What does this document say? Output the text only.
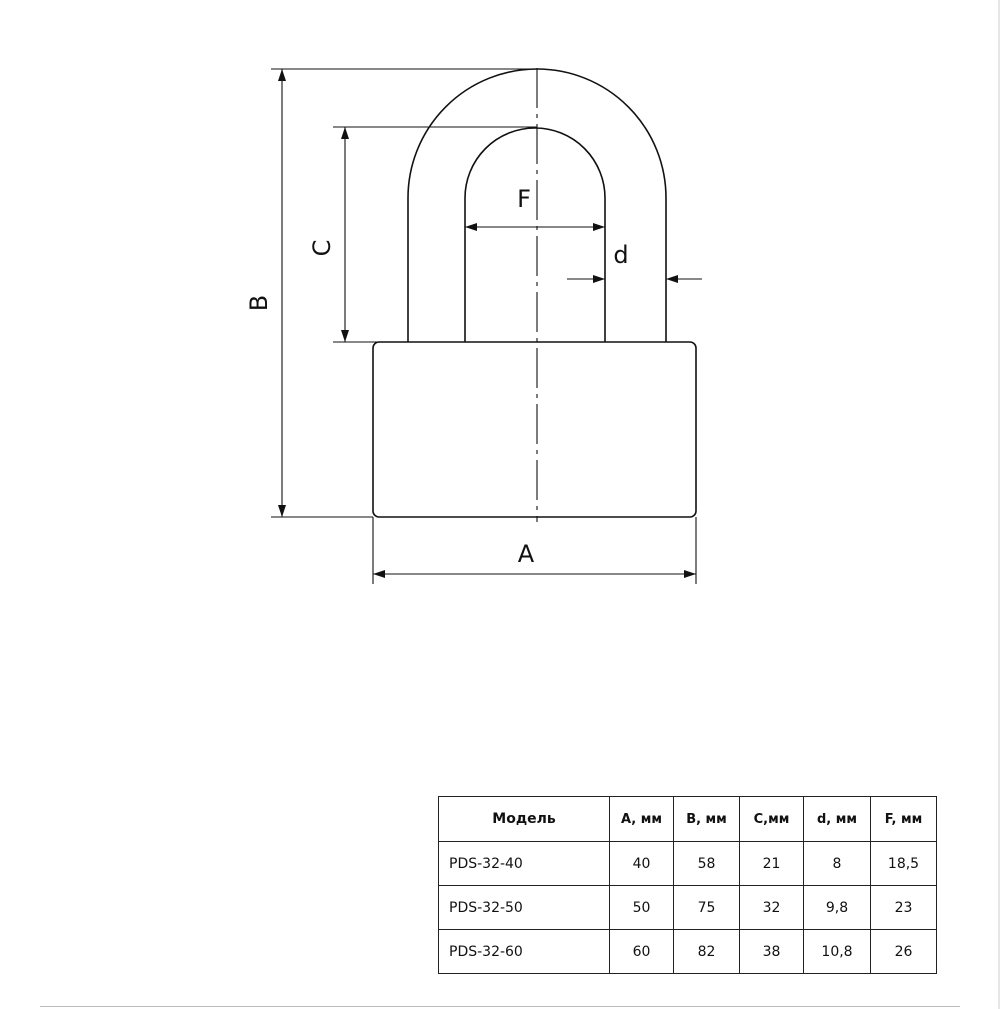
B
C
F
d
A
Модель	A, мм	B, мм	C,мм	d, мм	F, мм
PDS-32-40	40	58	21	8	18,5
PDS-32-50	50	75	32	9,8	23
PDS-32-60	60	82	38	10,8	26
